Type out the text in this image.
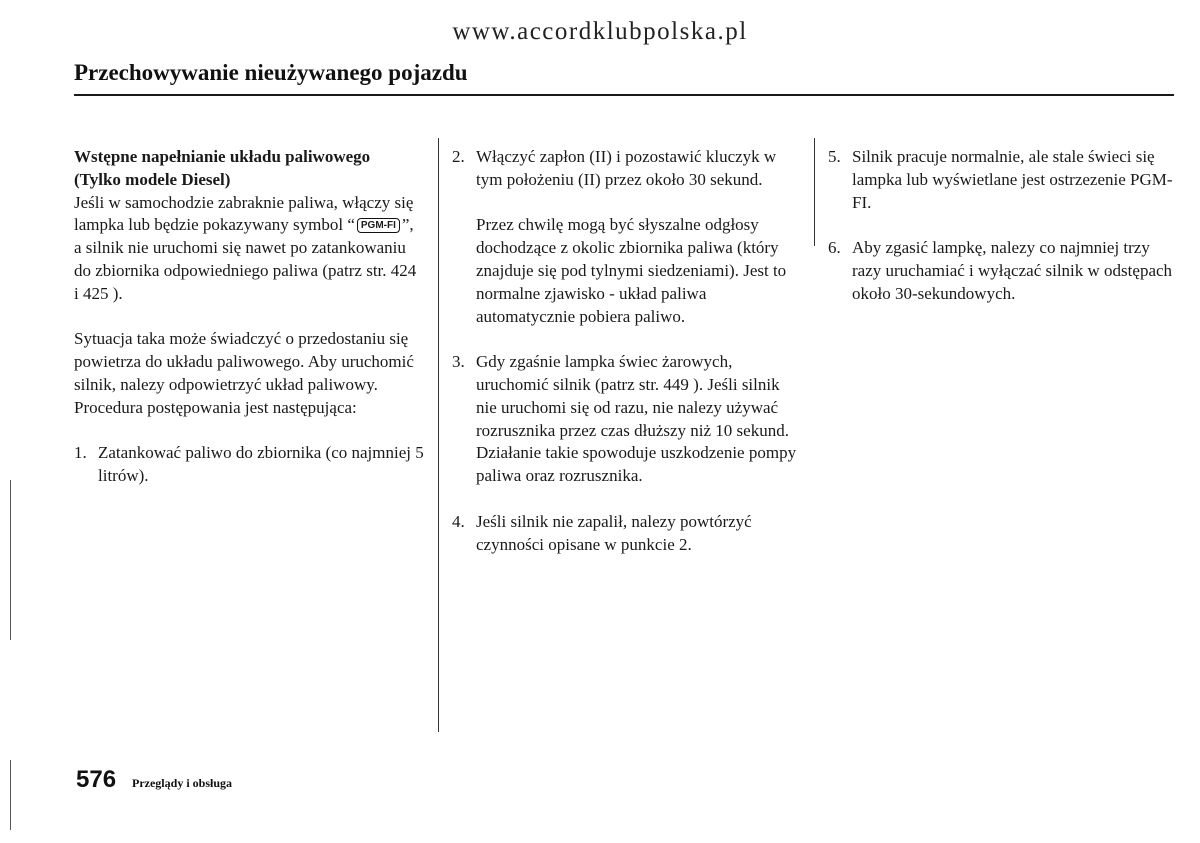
www.accordklubpolska.pl
Przechowywanie nieużywanego pojazdu
Wstępne napełnianie układu paliwowego
(Tylko modele Diesel)

Jeśli w samochodzie zabraknie paliwa, włączy się lampka lub będzie pokazywany symbol “ PGM-FI ”, a silnik nie uruchomi się nawet po zatankowaniu do zbiornika odpowiedniego paliwa (patrz str. 424 i 425 ).

Sytuacja taka może świadczyć o przedostaniu się powietrza do układu paliwowego. Aby uruchomić silnik, nalezy odpowietrzyć układ paliwowy. Procedura postępowania jest następująca:

1. Zatankować paliwo do zbiornika (co najmniej 5 litrów).
2. Włączyć zapłon (II) i pozostawić kluczyk w tym położeniu (II) przez około 30 sekund.
Przez chwilę mogą być słyszalne odgłosy dochodzące z okolic zbiornika paliwa (który znajduje się pod tylnymi siedzeniami). Jest to normalne zjawisko - układ paliwa automatycznie pobiera paliwo.
3. Gdy zgaśnie lampka świec żarowych, uruchomić silnik (patrz str. 449 ). Jeśli silnik nie uruchomi się od razu, nie nalezy używać rozrusznika przez czas dłuższy niż 10 sekund. Działanie takie spowoduje uszkodzenie pompy paliwa oraz rozrusznika.
4. Jeśli silnik nie zapalił, nalezy powtórzyć czynności opisane w punkcie 2.
5. Silnik pracuje normalnie, ale stale świeci się lampka lub wyświetlane jest ostrzezenie PGM-FI.
6. Aby zgasić lampkę, nalezy co najmniej trzy razy uruchamiać i wyłączać silnik w odstępach około 30-sekundowych.
576 Przeglądy i obsługa
